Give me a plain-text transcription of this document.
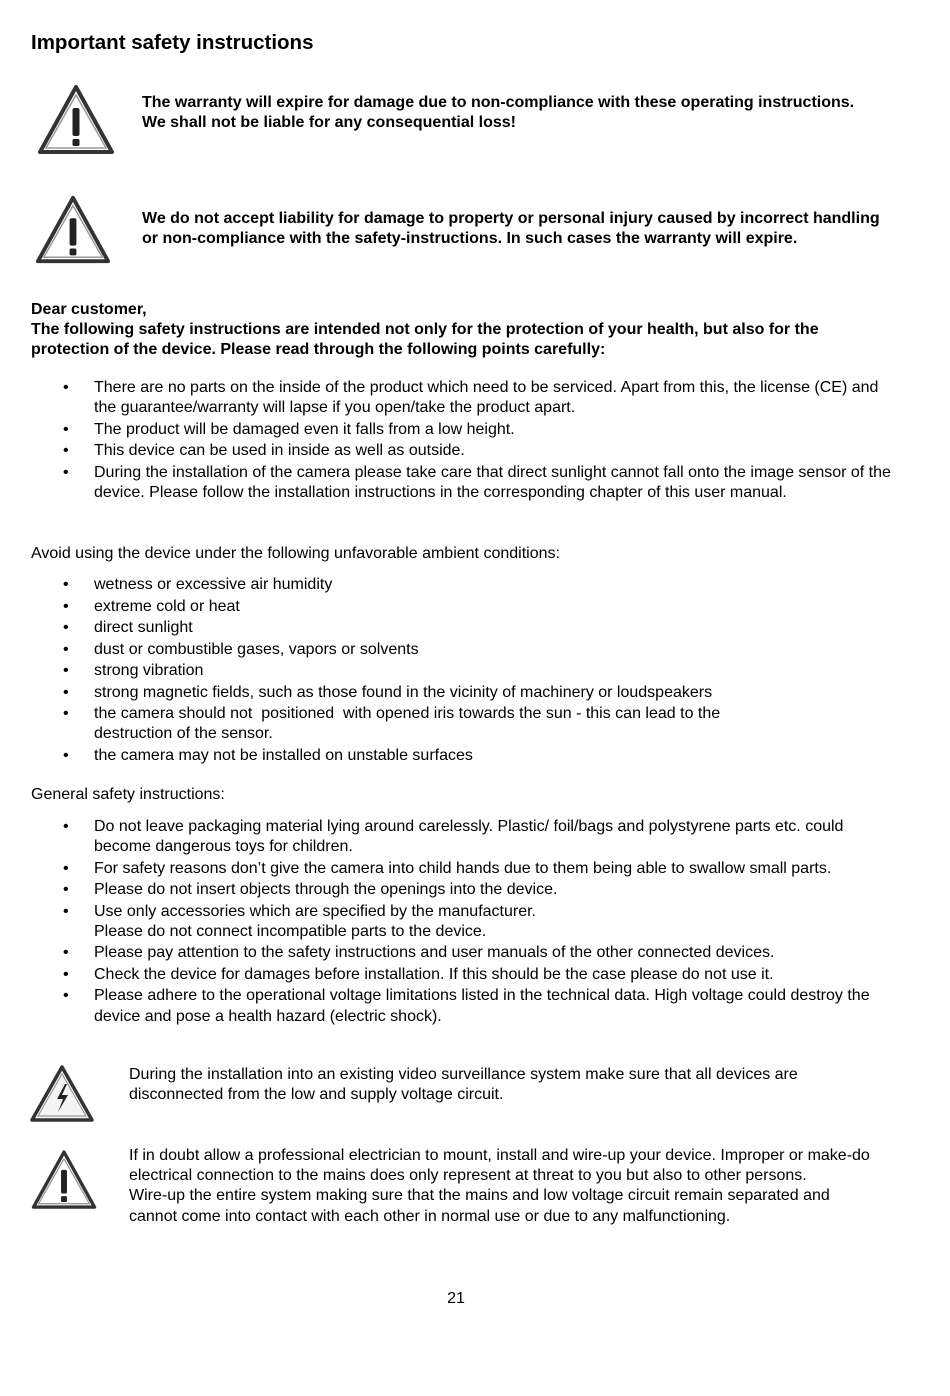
Important safety instructions
The warranty will expire for damage due to non-compliance with these operating instructions. We shall not be liable for any consequential loss!
We do not accept liability for damage to property or personal injury caused by incorrect handling or non-compliance with the safety-instructions. In such cases the warranty will expire.
Dear customer,
The following safety instructions are intended not only for the protection of your health, but also for the protection of the device. Please read through the following points carefully:
• There are no parts on the inside of the product which need to be serviced. Apart from this, the license (CE) and the guarantee/warranty will lapse if you open/take the product apart.
• The product will be damaged even it falls from a low height.
• This device can be used in inside as well as outside.
• During the installation of the camera please take care that direct sunlight cannot fall onto the image sensor of the device. Please follow the installation instructions in the corresponding chapter of this user manual.
Avoid using the device under the following unfavorable ambient conditions:
• wetness or excessive air humidity
• extreme cold or heat
• direct sunlight
• dust or combustible gases, vapors or solvents
• strong vibration
• strong magnetic fields, such as those found in the vicinity of machinery or loudspeakers
• the camera should not  positioned  with opened iris towards the sun - this can lead to the destruction of the sensor.
• the camera may not be installed on unstable surfaces
General safety instructions:
• Do not leave packaging material lying around carelessly. Plastic/ foil/bags and polystyrene parts etc. could become dangerous toys for children.
• For safety reasons don’t give the camera into child hands due to them being able to swallow small parts.
• Please do not insert objects through the openings into the device.
• Use only accessories which are specified by the manufacturer.
Please do not connect incompatible parts to the device.
• Please pay attention to the safety instructions and user manuals of the other connected devices.
• Check the device for damages before installation. If this should be the case please do not use it.
• Please adhere to the operational voltage limitations listed in the technical data. High voltage could destroy the device and pose a health hazard (electric shock).
During the installation into an existing video surveillance system make sure that all devices are disconnected from the low and supply voltage circuit.
If in doubt allow a professional electrician to mount, install and wire-up your device. Improper or make-do electrical connection to the mains does only represent at threat to you but also to other persons.
Wire-up the entire system making sure that the mains and low voltage circuit remain separated and cannot come into contact with each other in normal use or due to any malfunctioning.
21
